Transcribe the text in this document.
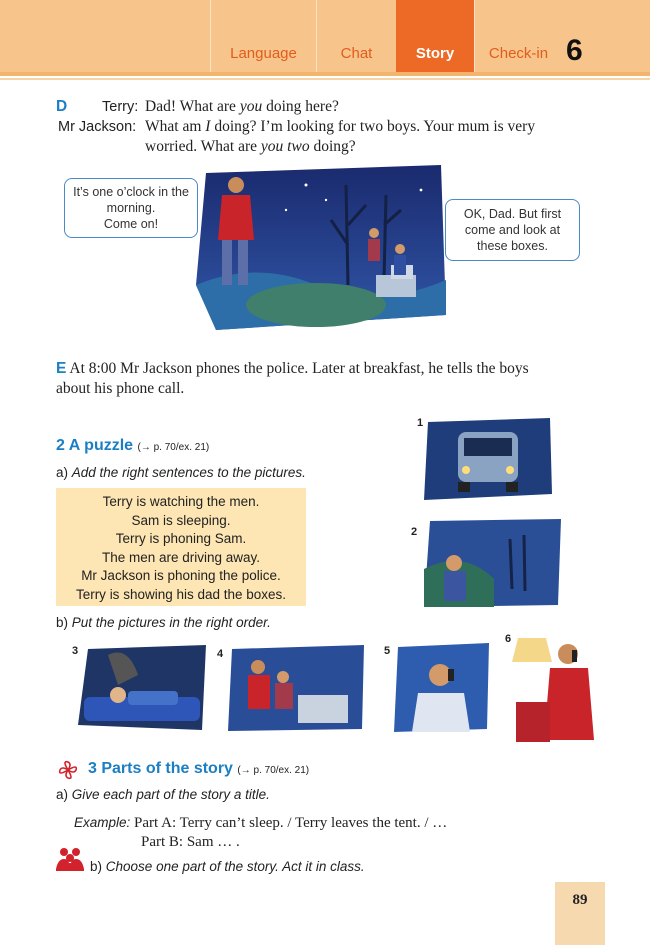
Language	Chat	Story	Check-in 6
D Terry: Dad! What are you doing here?
Mr Jackson: What am I doing? I’m looking for two boys. Your mum is very
worried. What are you two doing?
It’s one o’clock in the
morning.
Come on!
OK, Dad. But first
come and look at
these boxes.
E At 8:00 Mr Jackson phones the police. Later at breakfast, he tells the boys
about his phone call.
2 A puzzle (→ p. 70/ex. 21)
a) Add the right sentences to the pictures.
Terry is watching the men.
Sam is sleeping.
Terry is phoning Sam.
The men are driving away.
Mr Jackson is phoning the police.
Terry is showing his dad the boxes.
1
2
b) Put the pictures in the right order.
3	4	5
6
3 Parts of the story (→ p. 70/ex. 21)
a) Give each part of the story a title.
Example: Part A: Terry can’t sleep. / Terry leaves the tent. / …
Part B: Sam … .
b) Choose one part of the story. Act it in class.
89
